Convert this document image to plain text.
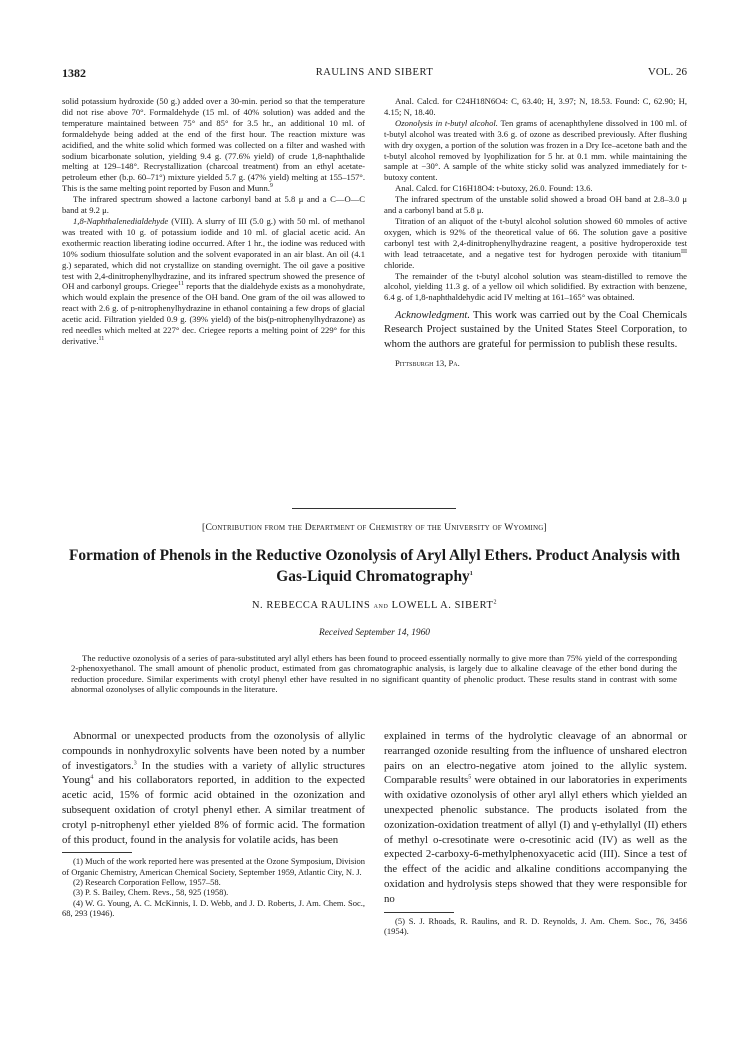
1382	RAULINS AND SIBERT	VOL. 26

solid potassium hydroxide (50 g.) added over a 30-min. period so that the temperature did not rise above 70°. Formaldehyde (15 ml. of 40% solution) was added and the temperature maintained between 75° and 85° for 3.5 hr., an additional 10 ml. of formaldehyde being added at the end of the first hour. The reaction mixture was acidified, and the white solid which formed was collected on a filter and washed with sodium bicarbonate solution, yielding 9.4 g. (77.6% yield) of crude 1,8-naphthalide melting at 129–148°. Recrystallization (charcoal treatment) from an ethyl acetate-petroleum ether (b.p. 60–71°) mixture yielded 5.7 g. (47% yield) melting at 155–157°. This is the same melting point reported by Fuson and Munn.$^9$

The infrared spectrum showed a lactone carbonyl band at 5.8 μ and a C—O—C band at 9.2 μ.

1,8-Naphthalenedialdehyde (VIII). A slurry of III (5.0 g.) with 50 ml. of methanol was treated with 10 g. of potassium iodide and 10 ml. of glacial acetic acid. An exothermic reaction liberating iodine occurred. After 1 hr., the iodine was reduced with 10% sodium thiosulfate solution and the solvent evaporated in an air blast. An oil (4.1 g.) separated, which did not crystallize on standing overnight. The oil gave a positive test with 2,4-dinitrophenylhydrazine, and its infrared spectrum showed the presence of OH and carbonyl groups. Criegee$^{11}$ reports that the dialdehyde exists as a monohydrate, which would explain the presence of the OH band. One gram of the oil was allowed to react with 2.6 g. of p-nitrophenylhydrazine in ethanol containing a few drops of glacial acetic acid. Filtration yielded 0.9 g. (39% yield) of the bis(p-nitrophenylhydrazone) as red needles which melted at 227° dec. Criegee reports a melting point of 229° for this derivative.$^{11}$

Anal. Calcd. for C24H18N6O4: C, 63.40; H, 3.97; N, 18.53. Found: C, 62.90; H, 4.15; N, 18.40.

Ozonolysis in t-butyl alcohol. Ten grams of acenaphthylene dissolved in 100 ml. of t-butyl alcohol was treated with 3.6 g. of ozone as described previously. After flushing with dry oxygen, a portion of the solution was frozen in a Dry Ice–acetone bath and the t-butyl alcohol removed by lyophilization for 5 hr. at 0.1 mm. while maintaining the sample at −30°. A sample of the white sticky solid was analyzed immediately for t-butoxy content.

Anal. Calcd. for C16H18O4: t-butoxy, 26.0. Found: 13.6.

The infrared spectrum of the unstable solid showed a broad OH band at 2.8–3.0 μ and a carbonyl band at 5.8 μ.

Titration of an aliquot of the t-butyl alcohol solution showed 60 mmoles of active oxygen, which is 92% of the theoretical value of 66. The solution gave a positive carbonyl test with 2,4-dinitrophenylhydrazine reagent, a positive hydroperoxide test with lead tetraacetate, and a negative test for hydrogen peroxide with titanium$^{III}$ chloride.

The remainder of the t-butyl alcohol solution was steam-distilled to remove the alcohol, yielding 11.3 g. of a yellow oil which solidified. By extraction with benzene, 6.4 g. of 1,8-naphthaldehydic acid IV melting at 161–165° was obtained.

Acknowledgment. This work was carried out by the Coal Chemicals Research Project sustained by the United States Steel Corporation, to whom the authors are grateful for permission to publish these results.

Pittsburgh 13, Pa.

[Contribution from the Department of Chemistry of the University of Wyoming]
Formation of Phenols in the Reductive Ozonolysis of Aryl Allyl Ethers. Product Analysis with Gas-Liquid Chromatography$^1$
N. REBECCA RAULINS and LOWELL A. SIBERT$^2$
Received September 14, 1960
The reductive ozonolysis of a series of para-substituted aryl allyl ethers has been found to proceed essentially normally to give more than 75% yield of the corresponding 2-phenoxyethanol. The small amount of phenolic product, estimated from gas chromatographic analysis, is largely due to alkaline cleavage of the ether bond during the reduction procedure. Similar experiments with crotyl phenyl ether have resulted in no significant quantity of phenolic product. These results stand in contrast with some abnormal ozonolyses of allylic compounds in the literature.

Abnormal or unexpected products from the ozonolysis of allylic compounds in nonhydroxylic solvents have been noted by a number of investigators.$^3$ In the studies with a variety of allylic structures Young$^4$ and his collaborators reported, in addition to the expected acetic acid, 15% of formic acid obtained in the ozonization and subsequent oxidation of crotyl phenyl ether. A similar treatment of crotyl p-nitrophenyl ether yielded 8% of formic acid. The formation of this product, found in the analysis for volatile acids, has been

(1) Much of the work reported here was presented at the Ozone Symposium, Division of Organic Chemistry, American Chemical Society, September 1959, Atlantic City, N. J.

(2) Research Corporation Fellow, 1957–58.

(3) P. S. Bailey, Chem. Revs., 58, 925 (1958).

(4) W. G. Young, A. C. McKinnis, I. D. Webb, and J. D. Roberts, J. Am. Chem. Soc., 68, 293 (1946).

explained in terms of the hydrolytic cleavage of an abnormal or rearranged ozonide resulting from the influence of unshared electron pairs on an electro-negative atom joined to the allylic system. Comparable results$^5$ were obtained in our laboratories in experiments with oxidative ozonolysis of other aryl allyl ethers which yielded an unexpected phenolic substance. The products isolated from the ozonization-oxidation treatment of allyl (I) and γ-ethylallyl (II) ethers of methyl o-cresotinate were o-cresotinic acid (IV) as well as the expected 2-carboxy-6-methylphenoxyacetic acid (III). Since a test of the effect of the acidic and alkaline conditions accompanying the oxidation and hydrolysis steps showed that they were responsible for no

(5) S. J. Rhoads, R. Raulins, and R. D. Reynolds, J. Am. Chem. Soc., 76, 3456 (1954).
